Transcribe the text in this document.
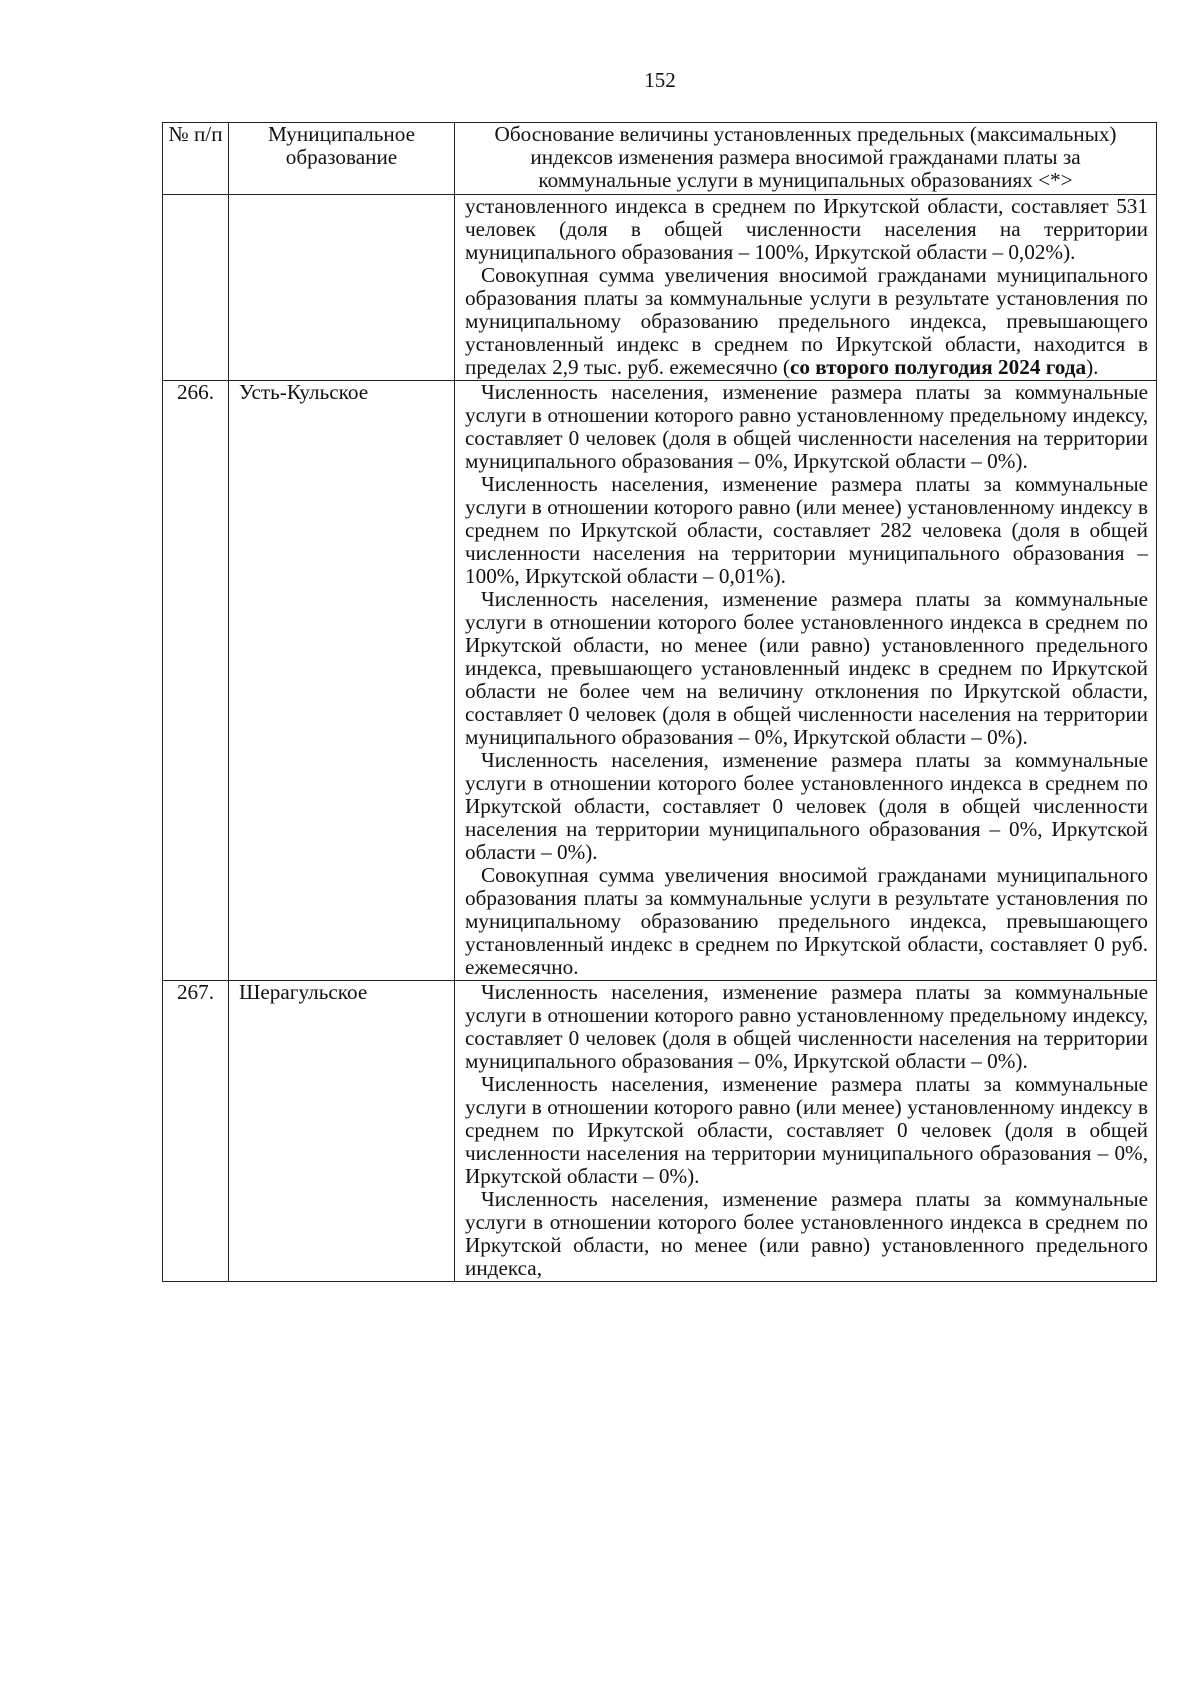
152
№ п/п	Муниципальное образование	Обоснование величины установленных предельных (максимальных) индексов изменения размера вносимой гражданами платы за коммунальные услуги в муниципальных образованиях <*>

		установленного индекса в среднем по Иркутской области, составляет 531 человек (доля в общей численности населения на территории муниципального образования – 100%, Иркутской области – 0,02%).

Совокупная сумма увеличения вносимой гражданами муниципального образования платы за коммунальные услуги в результате установления по муниципальному образованию предельного индекса, превышающего установленный индекс в среднем по Иркутской области, находится в пределах 2,9 тыс. руб. ежемесячно (со второго полугодия 2024 года).

266.	Усть-Кульское	Численность населения, изменение размера платы за коммунальные услуги в отношении которого равно установленному предельному индексу, составляет 0 человек (доля в общей численности населения на территории муниципального образования – 0%, Иркутской области – 0%).

Численность населения, изменение размера платы за коммунальные услуги в отношении которого равно (или менее) установленному индексу в среднем по Иркутской области, составляет 282 человека (доля в общей численности населения на территории муниципального образования – 100%, Иркутской области – 0,01%).

Численность населения, изменение размера платы за коммунальные услуги в отношении которого более установленного индекса в среднем по Иркутской области, но менее (или равно) установленного предельного индекса, превышающего установленный индекс в среднем по Иркутской области не более чем на величину отклонения по Иркутской области, составляет 0 человек (доля в общей численности населения на территории муниципального образования – 0%, Иркутской области – 0%).

Численность населения, изменение размера платы за коммунальные услуги в отношении которого более установленного индекса в среднем по Иркутской области, составляет 0 человек (доля в общей численности населения на территории муниципального образования – 0%, Иркутской области – 0%).

Совокупная сумма увеличения вносимой гражданами муниципального образования платы за коммунальные услуги в результате установления по муниципальному образованию предельного индекса, превышающего установленный индекс в среднем по Иркутской области, составляет 0 руб. ежемесячно.

267.	Шерагульское	Численность населения, изменение размера платы за коммунальные услуги в отношении которого равно установленному предельному индексу, составляет 0 человек (доля в общей численности населения на территории муниципального образования – 0%, Иркутской области – 0%).

Численность населения, изменение размера платы за коммунальные услуги в отношении которого равно (или менее) установленному индексу в среднем по Иркутской области, составляет 0 человек (доля в общей численности населения на территории муниципального образования – 0%, Иркутской области – 0%).

Численность населения, изменение размера платы за коммунальные услуги в отношении которого более установленного индекса в среднем по Иркутской области, но менее (или равно) установленного предельного индекса,
